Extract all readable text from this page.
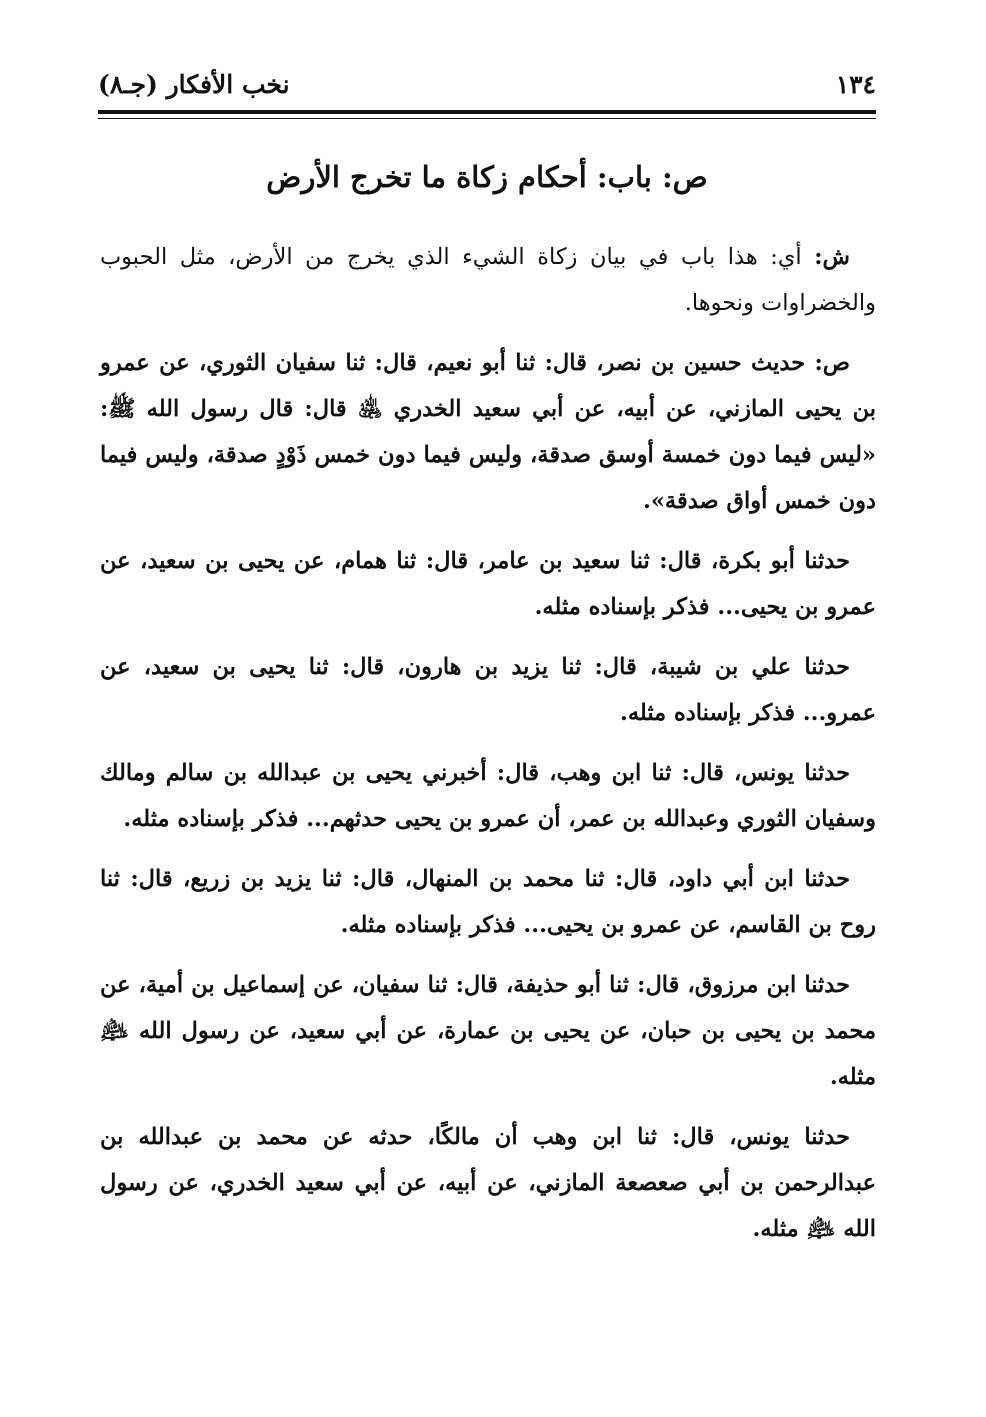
١٣٤
نخب الأفكار (جـ٨)
ص: باب: أحكام زكاة ما تخرج الأرض

ش: أي: هذا باب في بيان زكاة الشيء الذي يخرج من الأرض، مثل الحبوب والخضراوات ونحوها.

ص: حديث حسين بن نصر، قال: ثنا أبو نعيم، قال: ثنا سفيان الثوري، عن عمرو بن يحيى المازني، عن أبيه، عن أبي سعيد الخدري ﵁ قال: قال رسول الله ﷺ: «ليس فيما دون خمسة أوسق صدقة، وليس فيما دون خمس ذَوْدٍ صدقة، وليس فيما دون خمس أواق صدقة».

حدثنا أبو بكرة، قال: ثنا سعيد بن عامر، قال: ثنا همام، عن يحيى بن سعيد، عن عمرو بن يحيى... فذكر بإسناده مثله.

حدثنا علي بن شيبة، قال: ثنا يزيد بن هارون، قال: ثنا يحيى بن سعيد، عن عمرو... فذكر بإسناده مثله.

حدثنا يونس، قال: ثنا ابن وهب، قال: أخبرني يحيى بن عبدالله بن سالم ومالك وسفيان الثوري وعبدالله بن عمر، أن عمرو بن يحيى حدثهم... فذكر بإسناده مثله.

حدثنا ابن أبي داود، قال: ثنا محمد بن المنهال، قال: ثنا يزيد بن زريع، قال: ثنا روح بن القاسم، عن عمرو بن يحيى... فذكر بإسناده مثله.

حدثنا ابن مرزوق، قال: ثنا أبو حذيفة، قال: ثنا سفيان، عن إسماعيل بن أمية، عن محمد بن يحيى بن حبان، عن يحيى بن عمارة، عن أبي سعيد، عن رسول الله ﵇ مثله.

حدثنا يونس، قال: ثنا ابن وهب أن مالكًا، حدثه عن محمد بن عبدالله بن عبدالرحمن بن أبي صعصعة المازني، عن أبيه، عن أبي سعيد الخدري، عن رسول الله ﵇ مثله.
